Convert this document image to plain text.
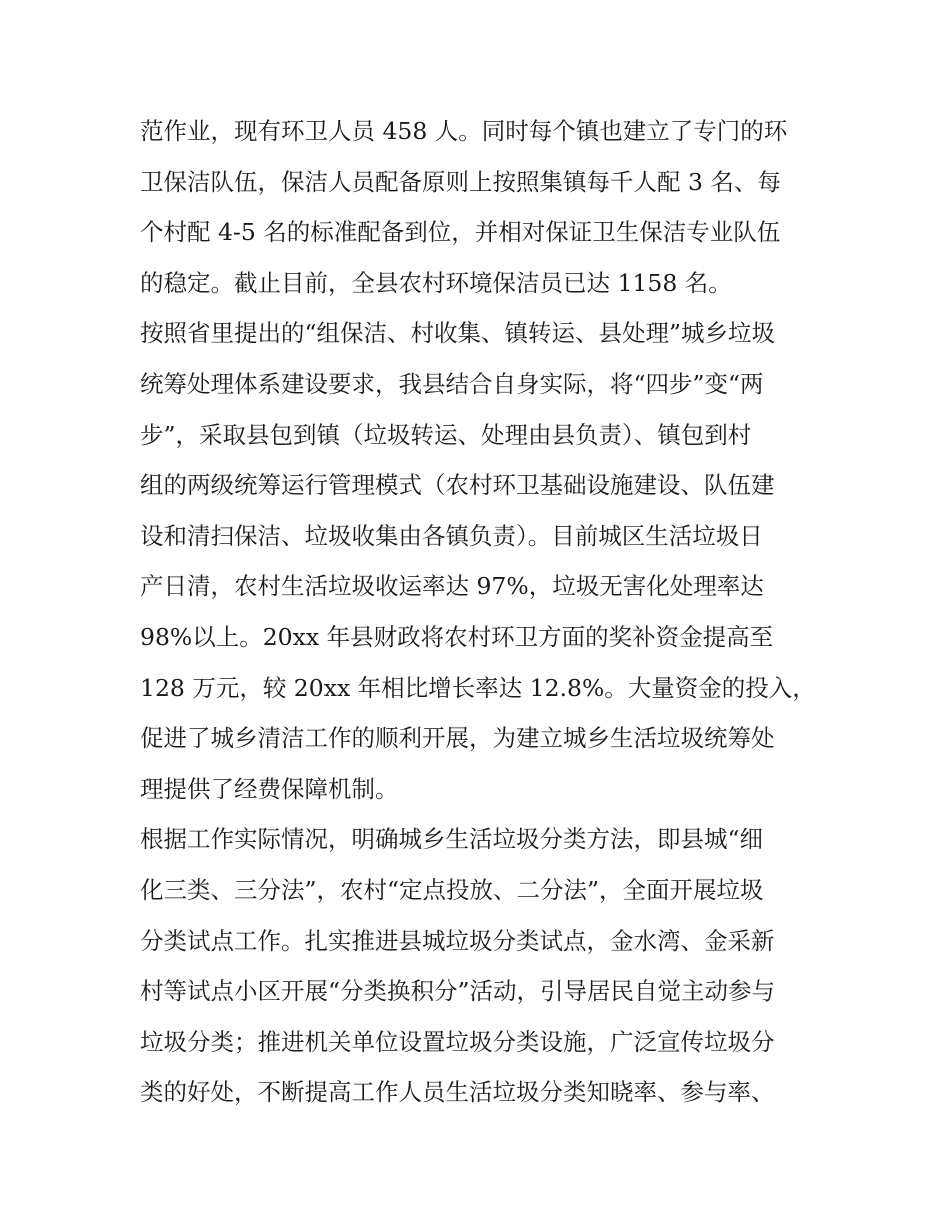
范作业，现有环卫人员 458 人。同时每个镇也建立了专门的环
卫保洁队伍，保洁人员配备原则上按照集镇每千人配 3 名、每
个村配 4-5 名的标准配备到位，并相对保证卫生保洁专业队伍
的稳定。截止目前，全县农村环境保洁员已达 1158 名。
按照省里提出的“组保洁、村收集、镇转运、县处理”城乡垃圾
统筹处理体系建设要求，我县结合自身实际，将“四步”变“两
步”，采取县包到镇（垃圾转运、处理由县负责）、镇包到村
组的两级统筹运行管理模式（农村环卫基础设施建设、队伍建
设和清扫保洁、垃圾收集由各镇负责）。目前城区生活垃圾日
产日清，农村生活垃圾收运率达 97%，垃圾无害化处理率达
98%以上。20xx 年县财政将农村环卫方面的奖补资金提高至
128 万元，较 20xx 年相比增长率达 12.8%。大量资金的投入，
促进了城乡清洁工作的顺利开展，为建立城乡生活垃圾统筹处
理提供了经费保障机制。
根据工作实际情况，明确城乡生活垃圾分类方法，即县城“细
化三类、三分法”，农村“定点投放、二分法”，全面开展垃圾
分类试点工作。扎实推进县城垃圾分类试点，金水湾、金采新
村等试点小区开展“分类换积分”活动，引导居民自觉主动参与
垃圾分类；推进机关单位设置垃圾分类设施，广泛宣传垃圾分
类的好处，不断提高工作人员生活垃圾分类知晓率、参与率、
